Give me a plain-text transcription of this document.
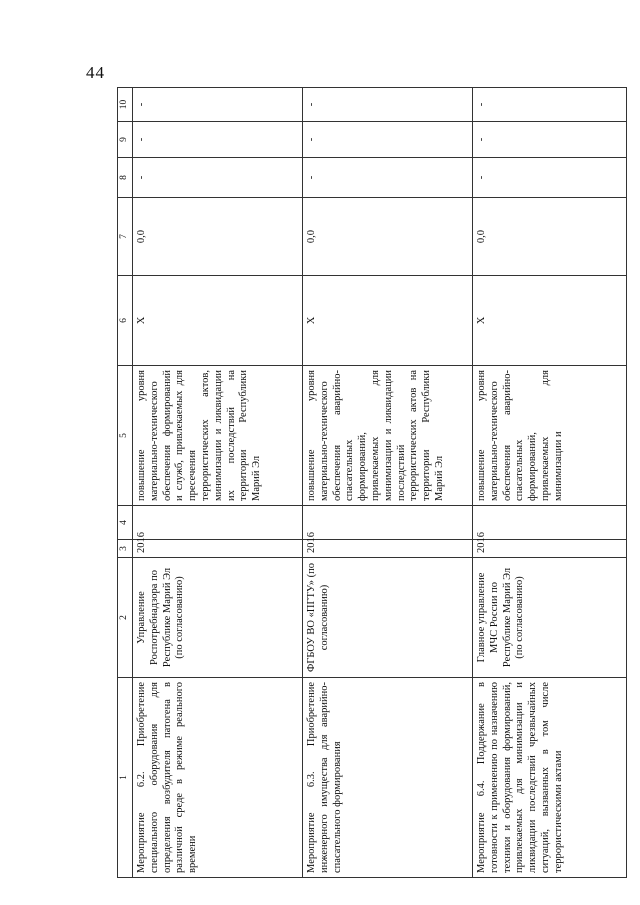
44
1	2	3	4	5	6	7	8	9	10
Мероприятие 6.2. Приобретение специального оборудования для определения возбудителя патогена в различной среде в режиме реального времени	Управление Роспотребнадзора по Республике Марий Эл (по согласованию)	2016		повышение уровня материально-технического обеспечения формирований и служб, привлекаемых для пресечения террористических актов, минимизации и ликвидации их последствий на территории Республики Марий Эл	X	0,0	-	-	-
Мероприятие 6.3. Приобретение инженерного имущества для аварийно-спасательного формирования	ФГБОУ ВО «ПГТУ» (по согласованию)	2016		повышение уровня материально-технического обеспечения аварийно-спасательных формирований, привлекаемых для минимизации и ликвидации последствий террористических актов на территории Республики Марий Эл	X	0,0	-	-	-
Мероприятие 6.4. Поддержание в готовности к применению по назначению техники и оборудования формирований, привлекаемых для минимизации и ликвидации последствий чрезвычайных ситуаций, вызванных в том числе террористическими актами	Главное управление МЧС России по Республике Марий Эл (по согласованию)	2016		повышение уровня материально-технического обеспечения аварийно-спасательных формирований, привлекаемых для минимизации и	X	0,0	-	-	-
